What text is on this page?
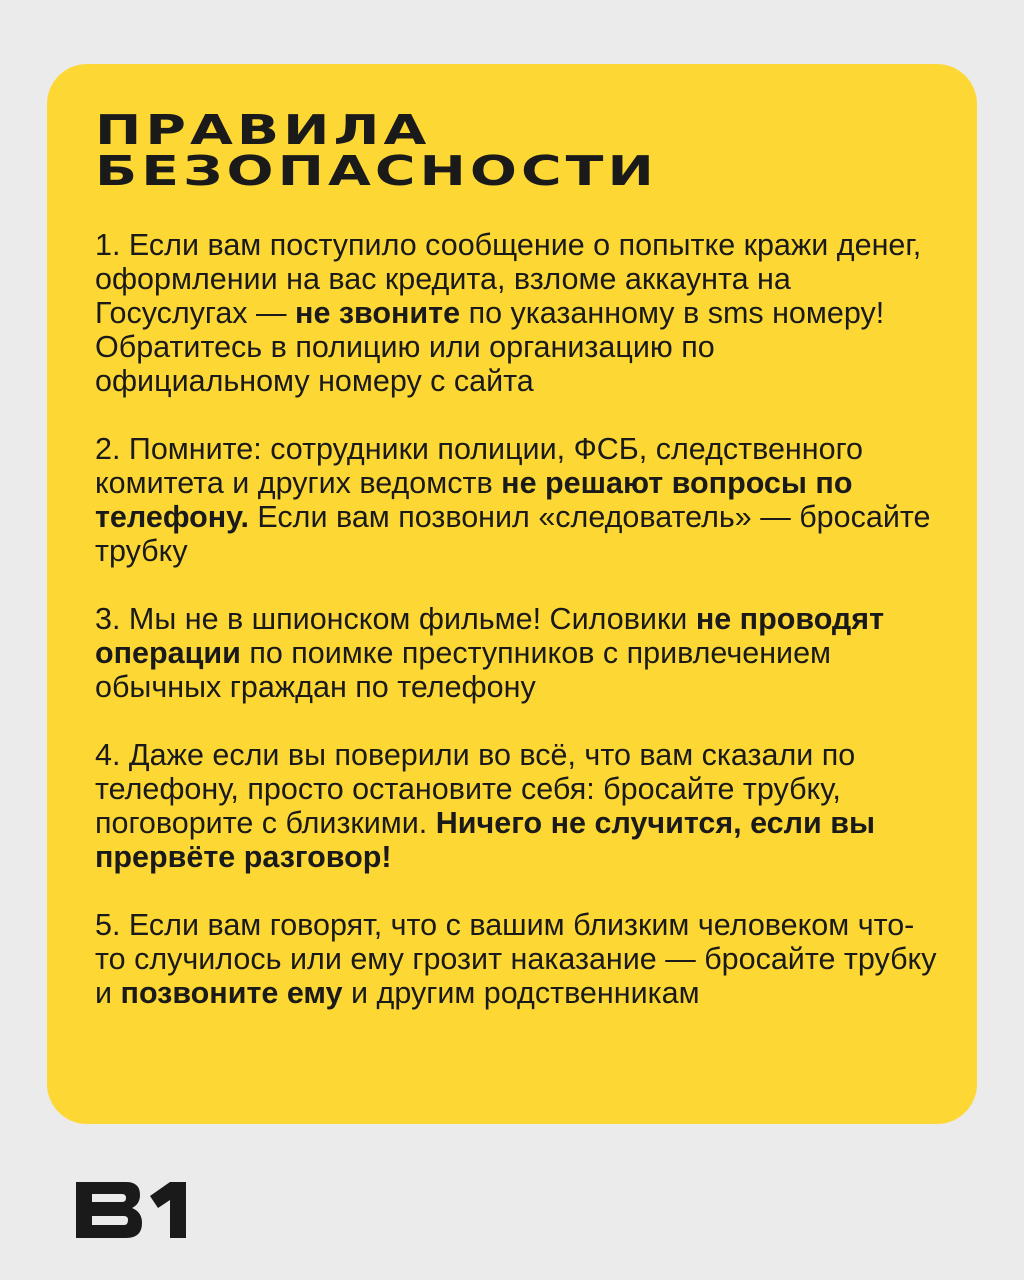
ПРАВИЛА
БЕЗОПАСНОСТИ

1. Если вам поступило сообщение о попытке кражи денег, оформлении на вас кредита, взломе аккаунта на Госуслугах — не звоните по указанному в sms номеру! Обратитесь в полицию или организацию по официальному номеру с сайта

2. Помните: сотрудники полиции, ФСБ, следственного комитета и других ведомств не решают вопросы по телефону. Если вам позвонил «следователь» — бросайте трубку

3. Мы не в шпионском фильме! Силовики не проводят операции по поимке преступников с привлечением обычных граждан по телефону

4. Даже если вы поверили во всё, что вам сказали по телефону, просто остановите себя: бросайте трубку, поговорите с близкими. Ничего не случится, если вы прервёте разговор!

5. Если вам говорят, что с вашим близким человеком что-то случилось или ему грозит наказание — бросайте трубку и позвоните ему и другим родственникам
